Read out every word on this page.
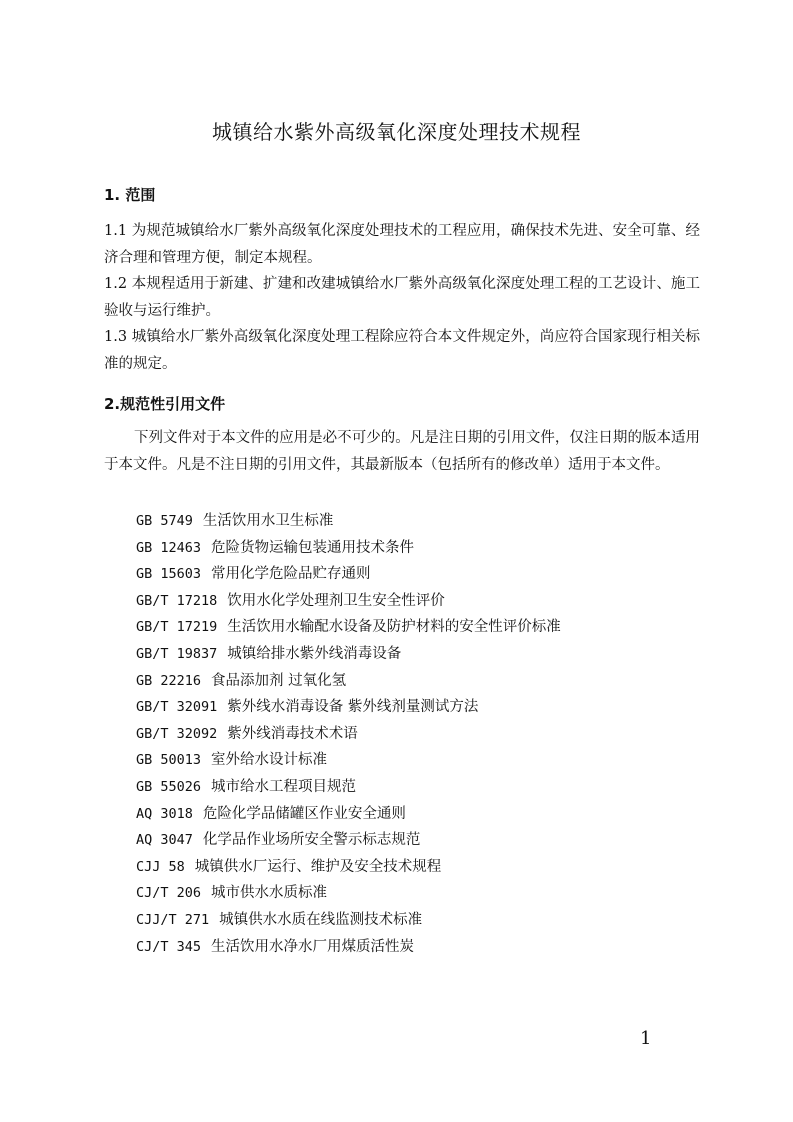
城镇给水紫外高级氧化深度处理技术规程
1. 范围
1.1 为规范城镇给水厂紫外高级氧化深度处理技术的工程应用，确保技术先进、安全可靠、经济合理和管理方便，制定本规程。
1.2 本规程适用于新建、扩建和改建城镇给水厂紫外高级氧化深度处理工程的工艺设计、施工验收与运行维护。
1.3 城镇给水厂紫外高级氧化深度处理工程除应符合本文件规定外，尚应符合国家现行相关标准的规定。
2.规范性引用文件
下列文件对于本文件的应用是必不可少的。凡是注日期的引用文件，仅注日期的版本适用于本文件。凡是不注日期的引用文件，其最新版本（包括所有的修改单）适用于本文件。
GB 5749 生活饮用水卫生标准
GB 12463 危险货物运输包装通用技术条件
GB 15603 常用化学危险品贮存通则
GB/T 17218 饮用水化学处理剂卫生安全性评价
GB/T 17219 生活饮用水输配水设备及防护材料的安全性评价标准
GB/T 19837 城镇给排水紫外线消毒设备
GB 22216 食品添加剂 过氧化氢
GB/T 32091 紫外线水消毒设备 紫外线剂量测试方法
GB/T 32092 紫外线消毒技术术语
GB 50013 室外给水设计标准
GB 55026 城市给水工程项目规范
AQ 3018 危险化学品储罐区作业安全通则
AQ 3047 化学品作业场所安全警示标志规范
CJJ 58 城镇供水厂运行、维护及安全技术规程
CJ/T 206 城市供水水质标准
CJJ/T 271 城镇供水水质在线监测技术标准
CJ/T 345 生活饮用水净水厂用煤质活性炭
1
